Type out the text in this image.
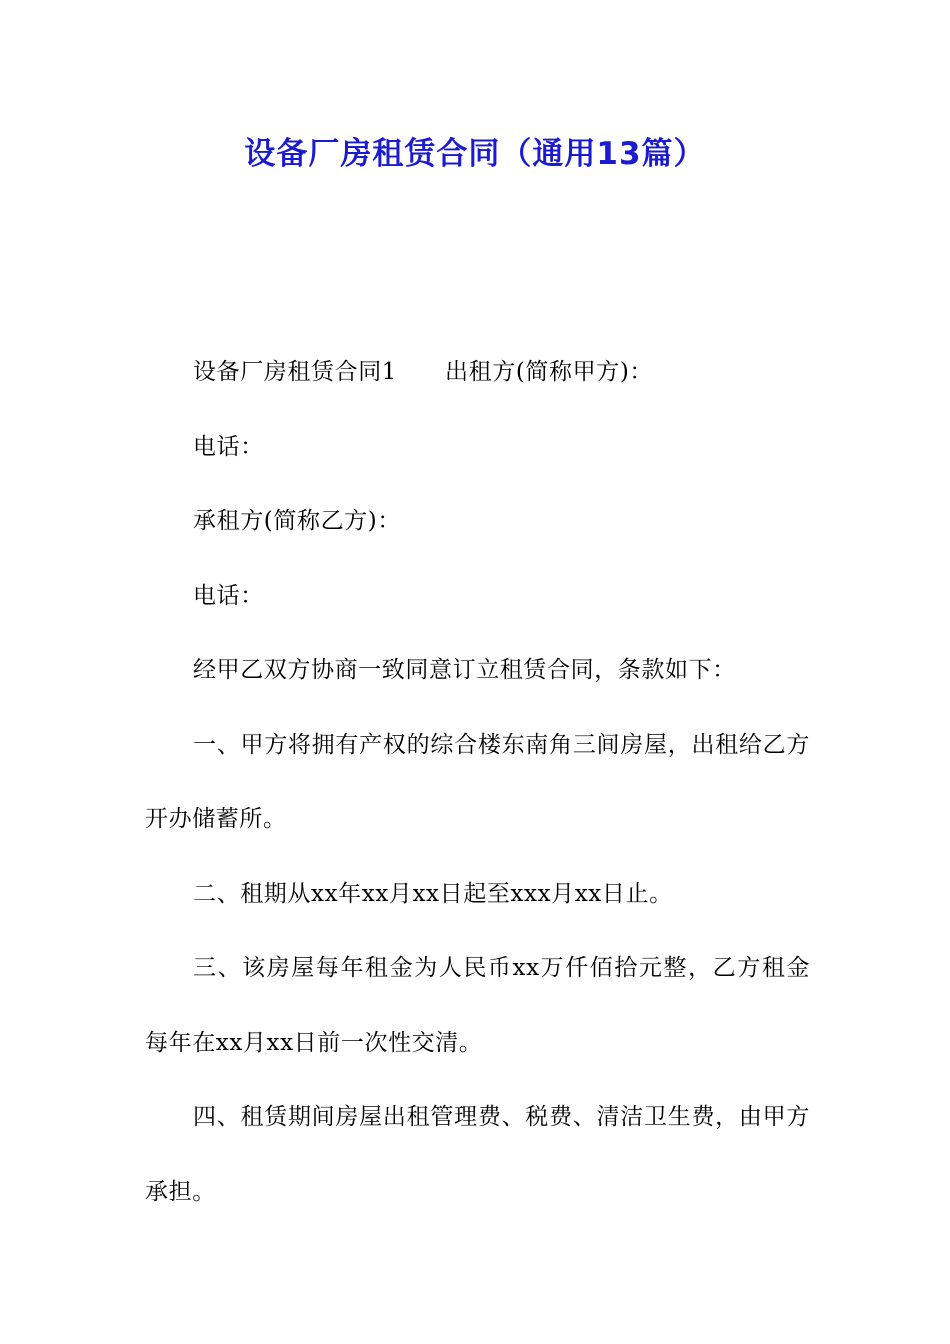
设备厂房租赁合同（通用13篇）

设备厂房租赁合同1 出租方(简称甲方)：

电话：

承租方(简称乙方)：

电话：

经甲乙双方协商一致同意订立租赁合同，条款如下：

一、甲方将拥有产权的综合楼东南角三间房屋，出租给乙方开办储蓄所。

二、租期从xx年xx月xx日起至xxx月xx日止。

三、该房屋每年租金为人民币xx万仟佰拾元整，乙方租金每年在xx月xx日前一次性交清。

四、租赁期间房屋出租管理费、税费、清洁卫生费，由甲方承担。
